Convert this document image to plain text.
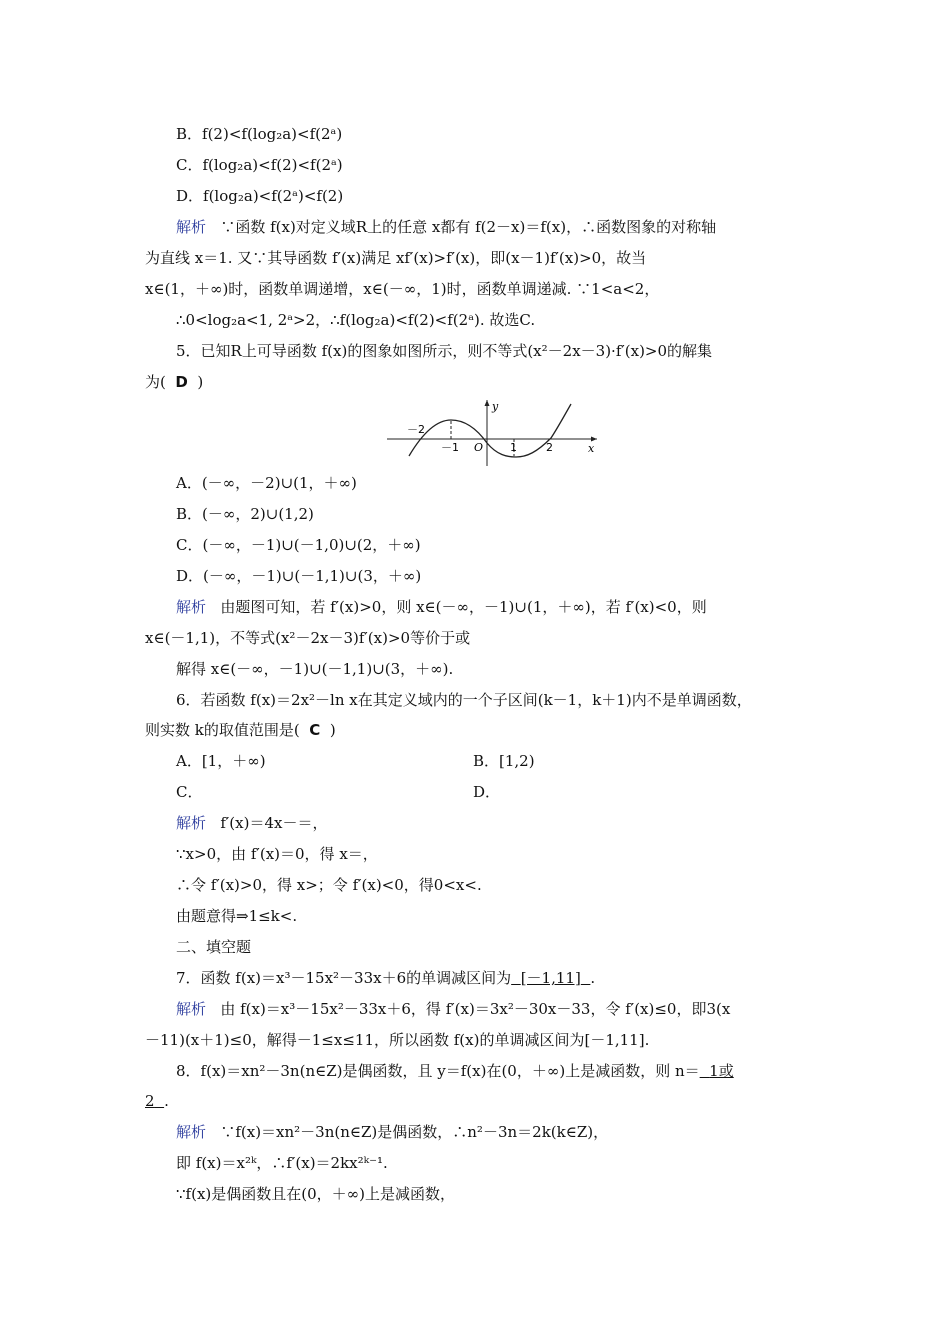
B．f(2)<f(log₂a)<f(2ᵃ)
C．f(log₂a)<f(2)<f(2ᵃ)
D．f(log₂a)<f(2ᵃ)<f(2)
解析 ∵函数 f(x)对定义域R上的任意 x都有 f(2－x)＝f(x)，∴函数图象的对称轴
为直线 x＝1. 又∵其导函数 f′(x)满足 xf′(x)>f′(x)，即(x－1)f′(x)>0，故当
x∈(1，＋∞)时，函数单调递增，x∈(－∞，1)时，函数单调递减. ∵1<a<2，
∴0<log₂a<1, 2ᵃ>2，∴f(log₂a)<f(2)<f(2ᵃ). 故选C.
5．已知R上可导函数 f(x)的图象如图所示，则不等式(x²－2x－3)·f′(x)>0的解集
为( D )
－2
－1 O 1	2	x
y
A．(－∞，－2)∪(1，＋∞)
B．(－∞，2)∪(1,2)
C．(－∞，－1)∪(－1,0)∪(2，＋∞)
D．(－∞，－1)∪(－1,1)∪(3，＋∞)
解析 由题图可知，若 f′(x)>0，则 x∈(－∞，－1)∪(1，＋∞)，若 f′(x)<0，则
x∈(－1,1)，不等式(x²－2x－3)f′(x)>0等价于或
解得 x∈(－∞，－1)∪(－1,1)∪(3，＋∞).
6．若函数 f(x)＝2x²－ln x在其定义域内的一个子区间(k－1，k＋1)内不是单调函数，
则实数 k的取值范围是( C )
A．[1，＋∞)	B．[1,2)
C．	D．
解析 f′(x)＝4x－＝，
∵x>0，由 f′(x)＝0，得 x＝，
∴令 f′(x)>0，得 x>；令 f′(x)<0，得0<x<.
由题意得⇒1≤k<.
二、填空题
7．函数 f(x)＝x³－15x²－33x＋6的单调减区间为 [－1,11] .
解析 由 f(x)＝x³－15x²－33x＋6，得 f′(x)＝3x²－30x－33，令 f′(x)≤0，即3(x
－11)(x＋1)≤0，解得－1≤x≤11，所以函数 f(x)的单调减区间为[－1,11].
8．f(x)＝xn²－3n(n∈Z)是偶函数，且 y＝f(x)在(0，＋∞)上是减函数，则 n＝ 1或
2 .
解析 ∵f(x)＝xn²－3n(n∈Z)是偶函数，∴n²－3n＝2k(k∈Z)，
即 f(x)＝x²ᵏ，∴f′(x)＝2kx²ᵏ⁻¹.
∵f(x)是偶函数且在(0，＋∞)上是减函数，
